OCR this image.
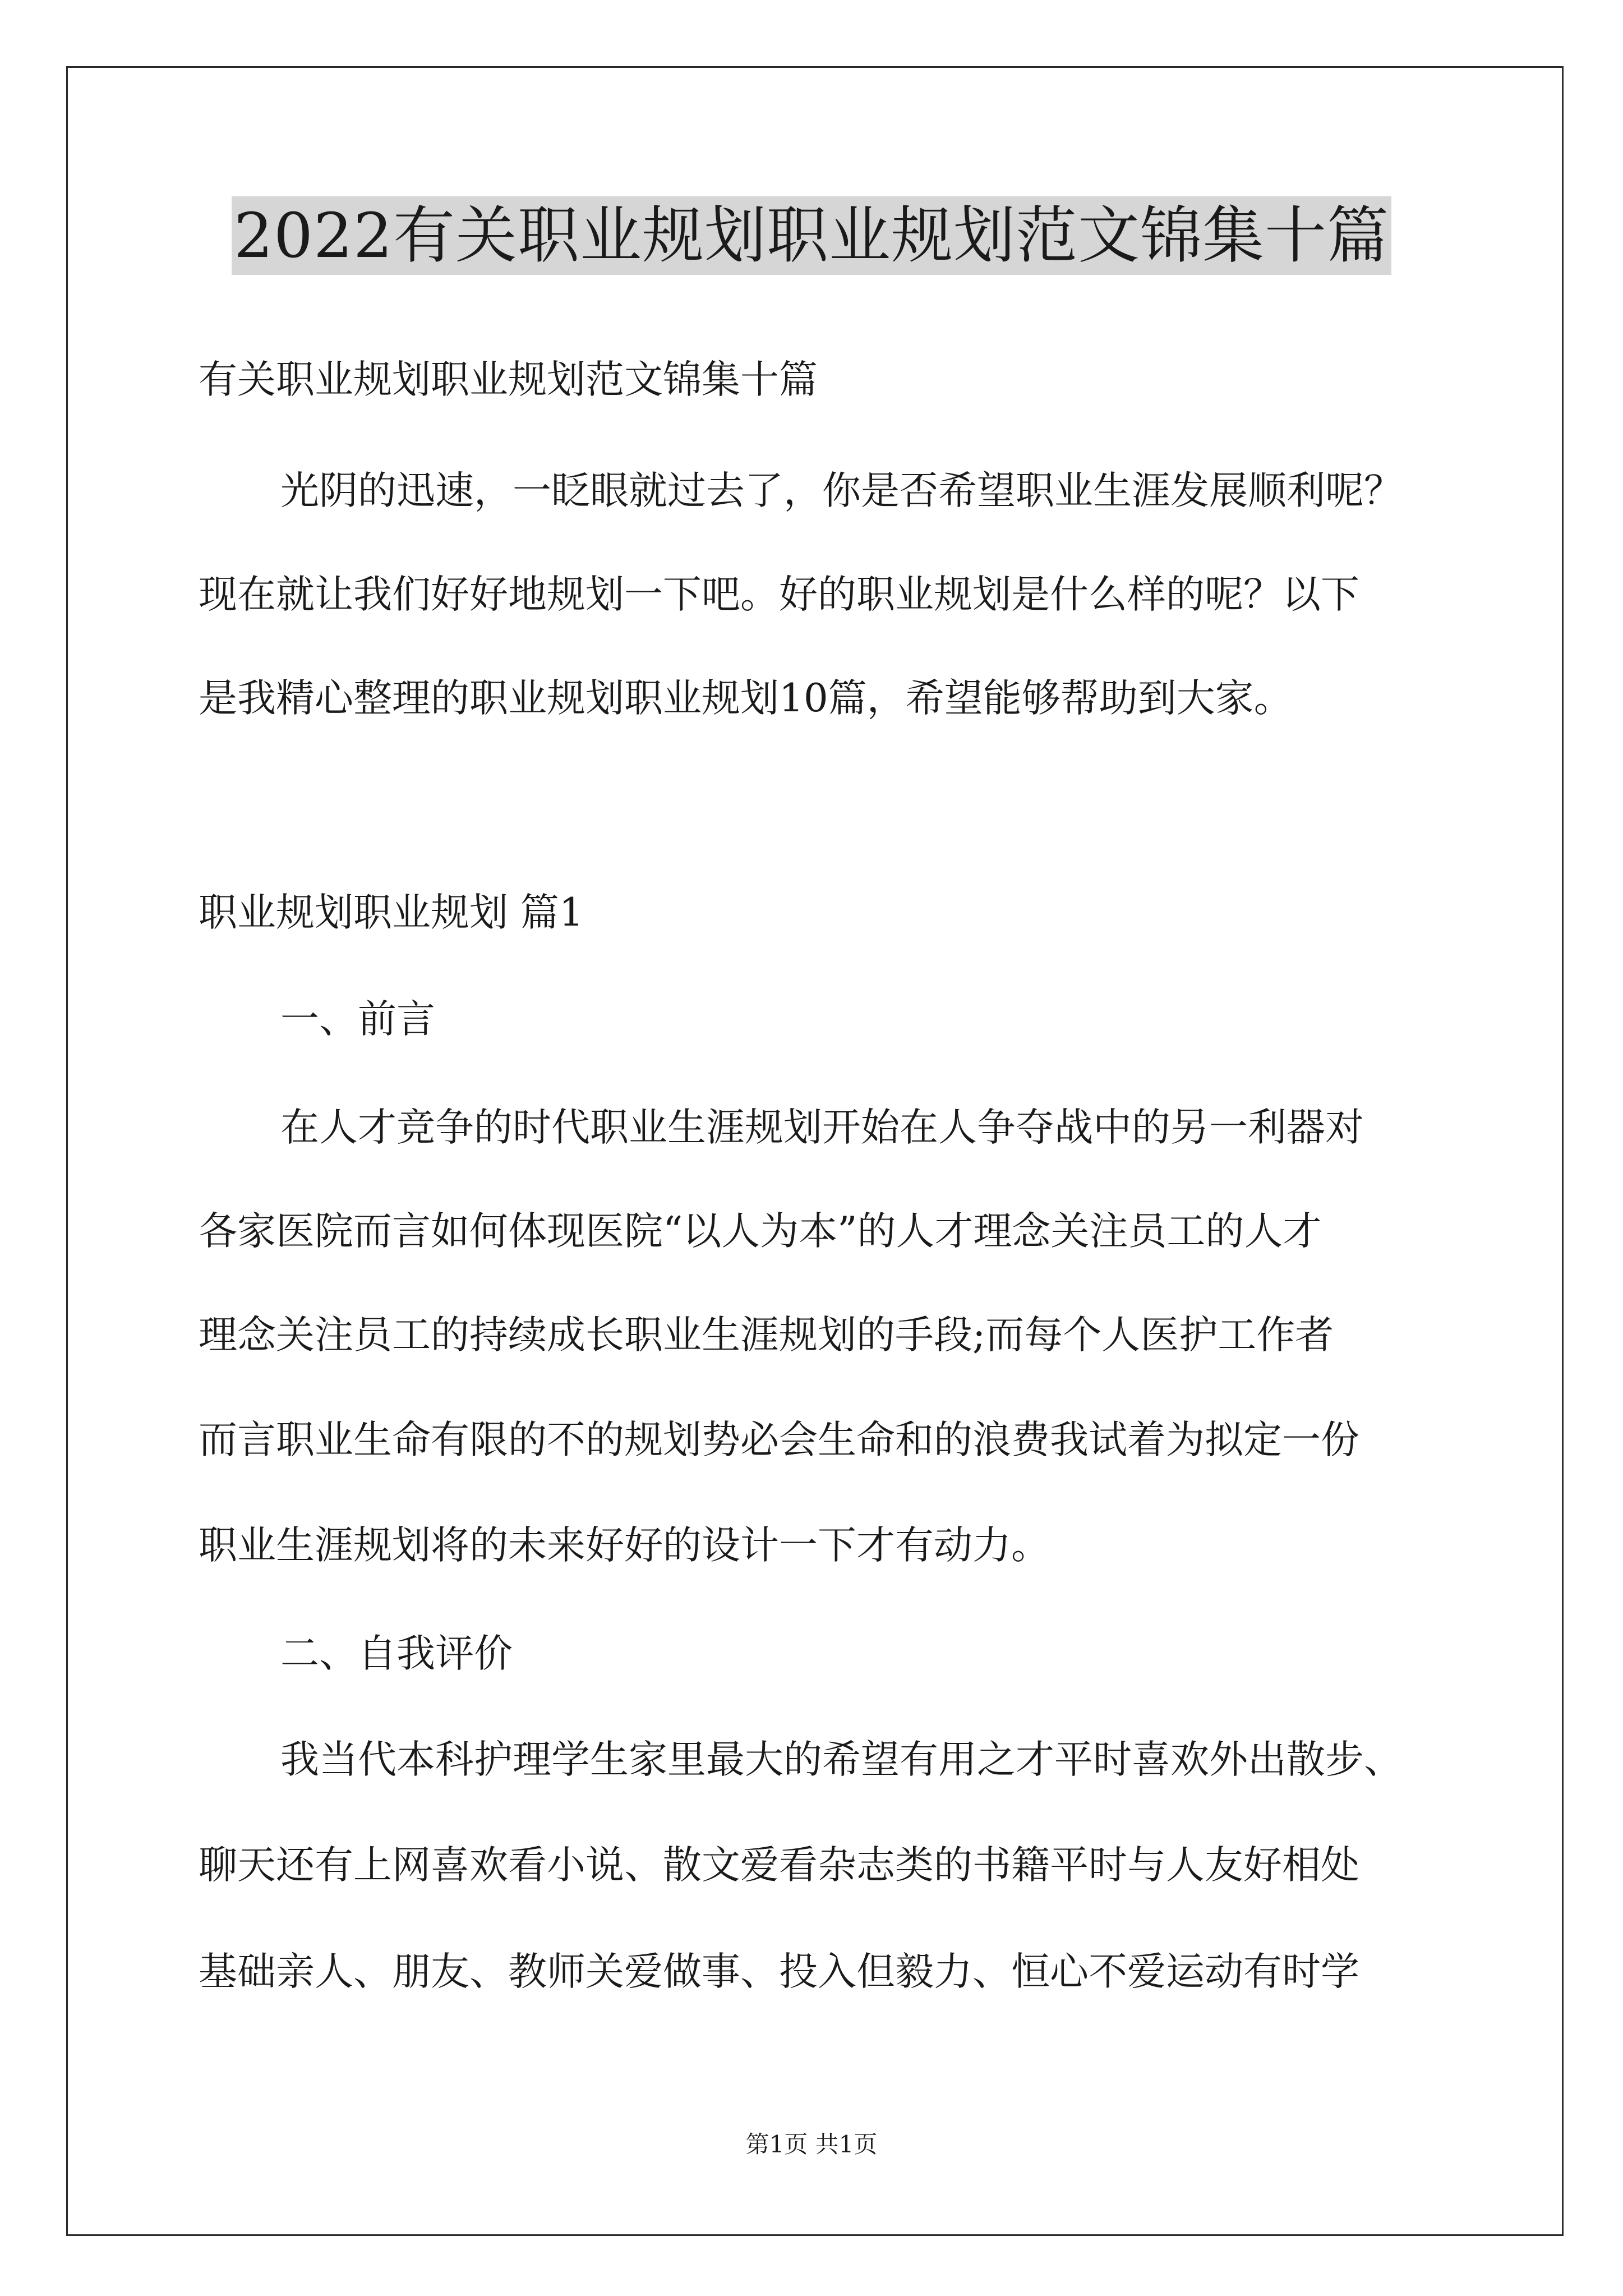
2022有关职业规划职业规划范文锦集十篇
有关职业规划职业规划范文锦集十篇
光阴的迅速，一眨眼就过去了，你是否希望职业生涯发展顺利呢？
现在就让我们好好地规划一下吧。好的职业规划是什么样的呢？以下
是我精心整理的职业规划职业规划10篇，希望能够帮助到大家。
职业规划职业规划 篇1
一、前言
在人才竞争的时代职业生涯规划开始在人争夺战中的另一利器对
各家医院而言如何体现医院“以人为本”的人才理念关注员工的人才
理念关注员工的持续成长职业生涯规划的手段;而每个人医护工作者
而言职业生命有限的不的规划势必会生命和的浪费我试着为拟定一份
职业生涯规划将的未来好好的设计一下才有动力。
二、自我评价
我当代本科护理学生家里最大的希望有用之才平时喜欢外出散步、
聊天还有上网喜欢看小说、散文爱看杂志类的书籍平时与人友好相处
基础亲人、朋友、教师关爱做事、投入但毅力、恒心不爱运动有时学
第1页 共1页
